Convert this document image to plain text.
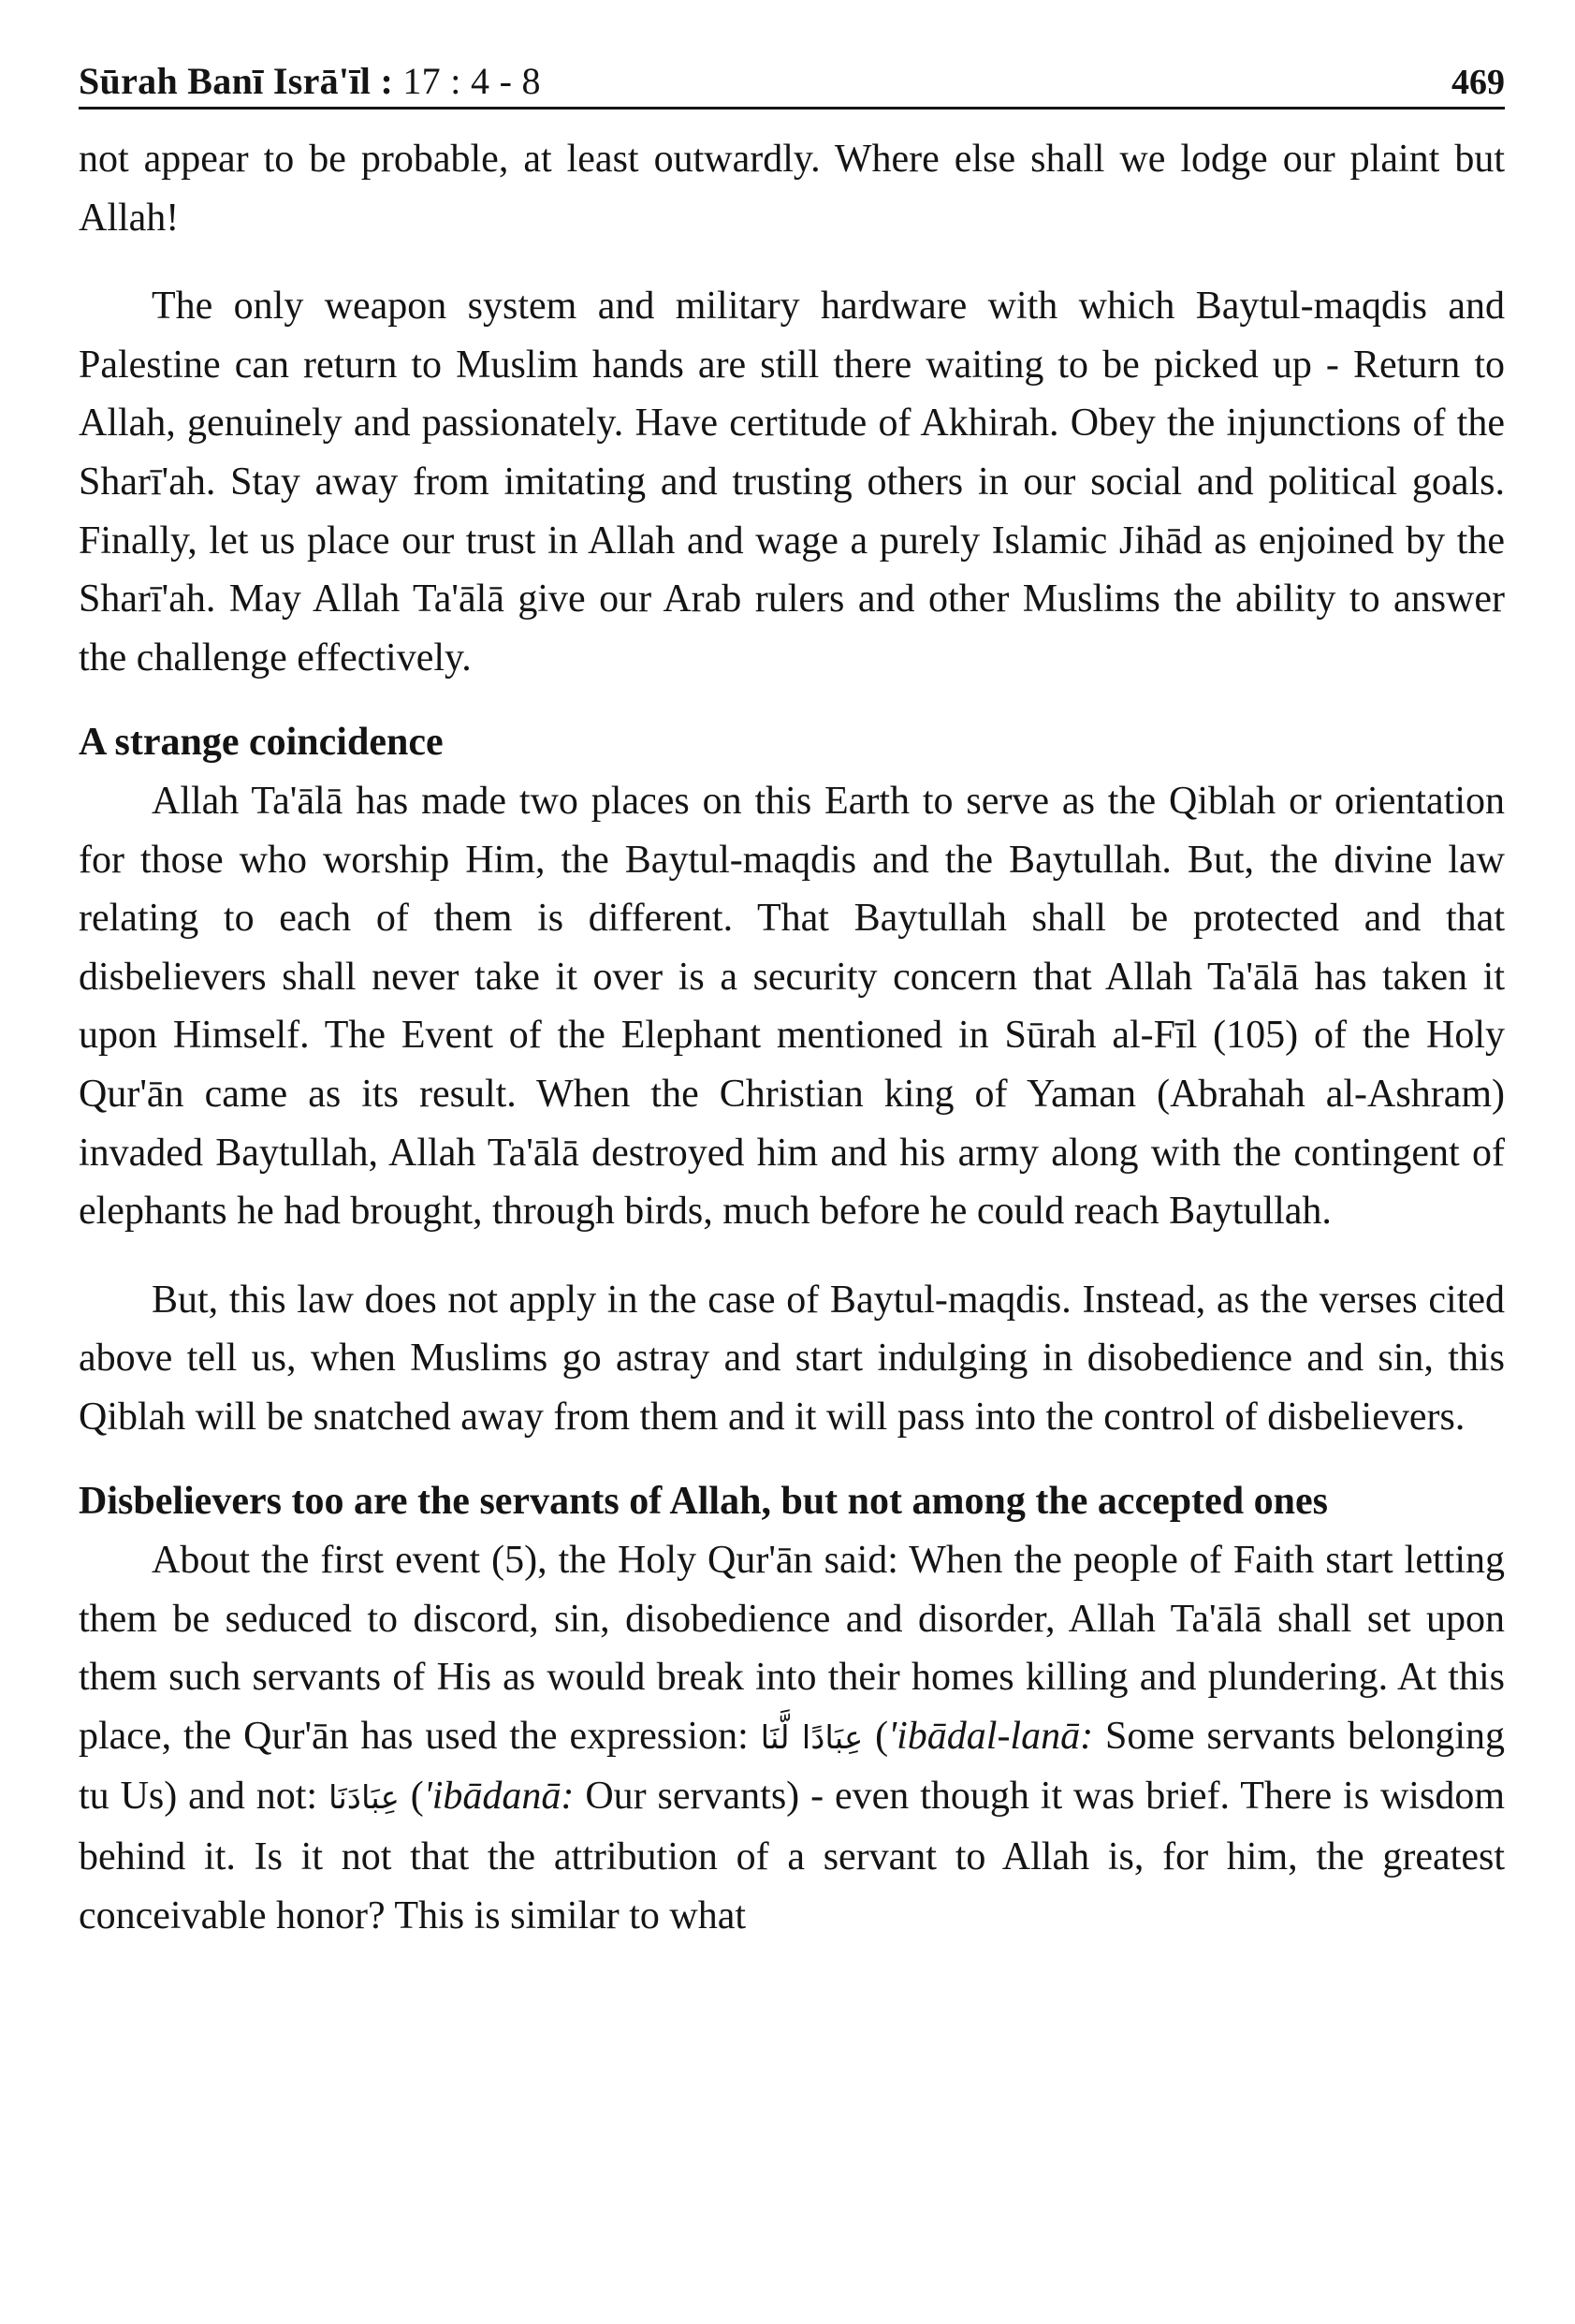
Sūrah Banī Isrā'īl : 17 : 4 - 8	469

not appear to be probable, at least outwardly. Where else shall we lodge our plaint but Allah!

The only weapon system and military hardware with which Baytul-maqdis and Palestine can return to Muslim hands are still there waiting to be picked up - Return to Allah, genuinely and passionately. Have certitude of Akhirah. Obey the injunctions of the Sharī'ah. Stay away from imitating and trusting others in our social and political goals. Finally, let us place our trust in Allah and wage a purely Islamic Jihād as enjoined by the Sharī'ah. May Allah Ta'ālā give our Arab rulers and other Muslims the ability to answer the challenge effectively.

A strange coincidence

Allah Ta'ālā has made two places on this Earth to serve as the Qiblah or orientation for those who worship Him, the Baytul-maqdis and the Baytullah. But, the divine law relating to each of them is different. That Baytullah shall be protected and that disbelievers shall never take it over is a security concern that Allah Ta'ālā has taken it upon Himself. The Event of the Elephant mentioned in Sūrah al-Fīl (105) of the Holy Qur'ān came as its result. When the Christian king of Yaman (Abrahah al-Ashram) invaded Baytullah, Allah Ta'ālā destroyed him and his army along with the contingent of elephants he had brought, through birds, much before he could reach Baytullah.

But, this law does not apply in the case of Baytul-maqdis. Instead, as the verses cited above tell us, when Muslims go astray and start indulging in disobedience and sin, this Qiblah will be snatched away from them and it will pass into the control of disbelievers.

Disbelievers too are the servants of Allah, but not among the accepted ones

About the first event (5), the Holy Qur'ān said: When the people of Faith start letting them be seduced to discord, sin, disobedience and disorder, Allah Ta'ālā shall set upon them such servants of His as would break into their homes killing and plundering. At this place, the Qur'ān has used the expression: عِبَادًا لَّنَا ('ibādal-lanā: Some servants belonging tu Us) and not: عِبَادَنَا ('ibādanā: Our servants) - even though it was brief. There is wisdom behind it. Is it not that the attribution of a servant to Allah is, for him, the greatest conceivable honor? This is similar to what
